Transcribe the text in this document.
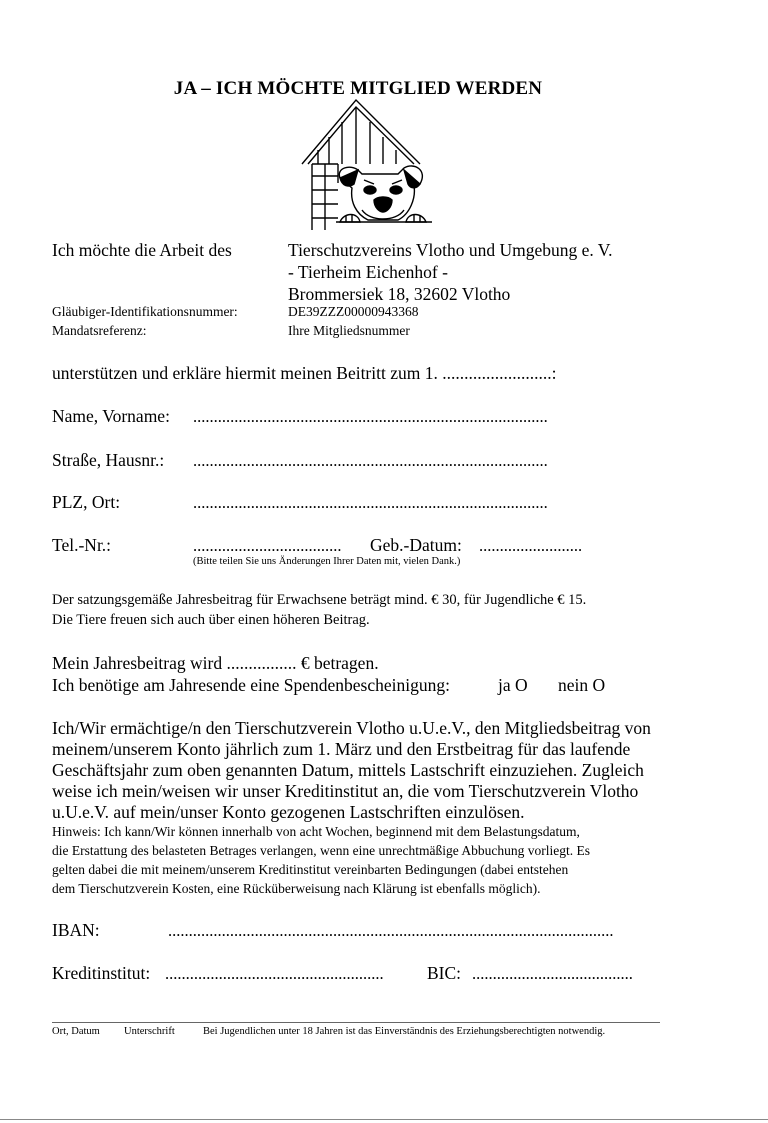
JA – ICH MÖCHTE MITGLIED WERDEN
Ich möchte die Arbeit des	Tierschutzvereins Vlotho und Umgebung e. V.
- Tierheim Eichenhof -
Brommersiek 18, 32602 Vlotho
Gläubiger-Identifikationsnummer:	DE39ZZZ00000943368
Mandatsreferenz:	Ihre Mitgliedsnummer
unterstützen und erkläre hiermit meinen Beitritt zum 1. .........................:
Name, Vorname: ......................................................................................
Straße, Hausnr.: ......................................................................................
PLZ, Ort:	......................................................................................
Tel.-Nr.:	.................................... Geb.-Datum: .........................
(Bitte teilen Sie uns Änderungen Ihrer Daten mit, vielen Dank.)
Der satzungsgemäße Jahresbeitrag für Erwachsene beträgt mind. € 30, für Jugendliche € 15.
Die Tiere freuen sich auch über einen höheren Beitrag.
Mein Jahresbeitrag wird ................ € betragen.
Ich benötige am Jahresende eine Spendenbescheinigung:	ja O nein O
Ich/Wir ermächtige/n den Tierschutzverein Vlotho u.U.e.V., den Mitgliedsbeitrag von
meinem/unserem Konto jährlich zum 1. März und den Erstbeitrag für das laufende
Geschäftsjahr zum oben genannten Datum, mittels Lastschrift einzuziehen. Zugleich
weise ich mein/weisen wir unser Kreditinstitut an, die vom Tierschutzverein Vlotho
u.U.e.V. auf mein/unser Konto gezogenen Lastschriften einzulösen.
Hinweis: Ich kann/Wir können innerhalb von acht Wochen, beginnend mit dem Belastungsdatum,
die Erstattung des belasteten Betrages verlangen, wenn eine unrechtmäßige Abbuchung vorliegt. Es
gelten dabei die mit meinem/unserem Kreditinstitut vereinbarten Bedingungen (dabei entstehen
dem Tierschutzverein Kosten, eine Rücküberweisung nach Klärung ist ebenfalls möglich).
IBAN:	............................................................................................................
Kreditinstitut: ..................................................... BIC: .......................................
Ort, Datum Unterschrift	Bei Jugendlichen unter 18 Jahren ist das Einverständnis des Erziehungsberechtigten notwendig.
